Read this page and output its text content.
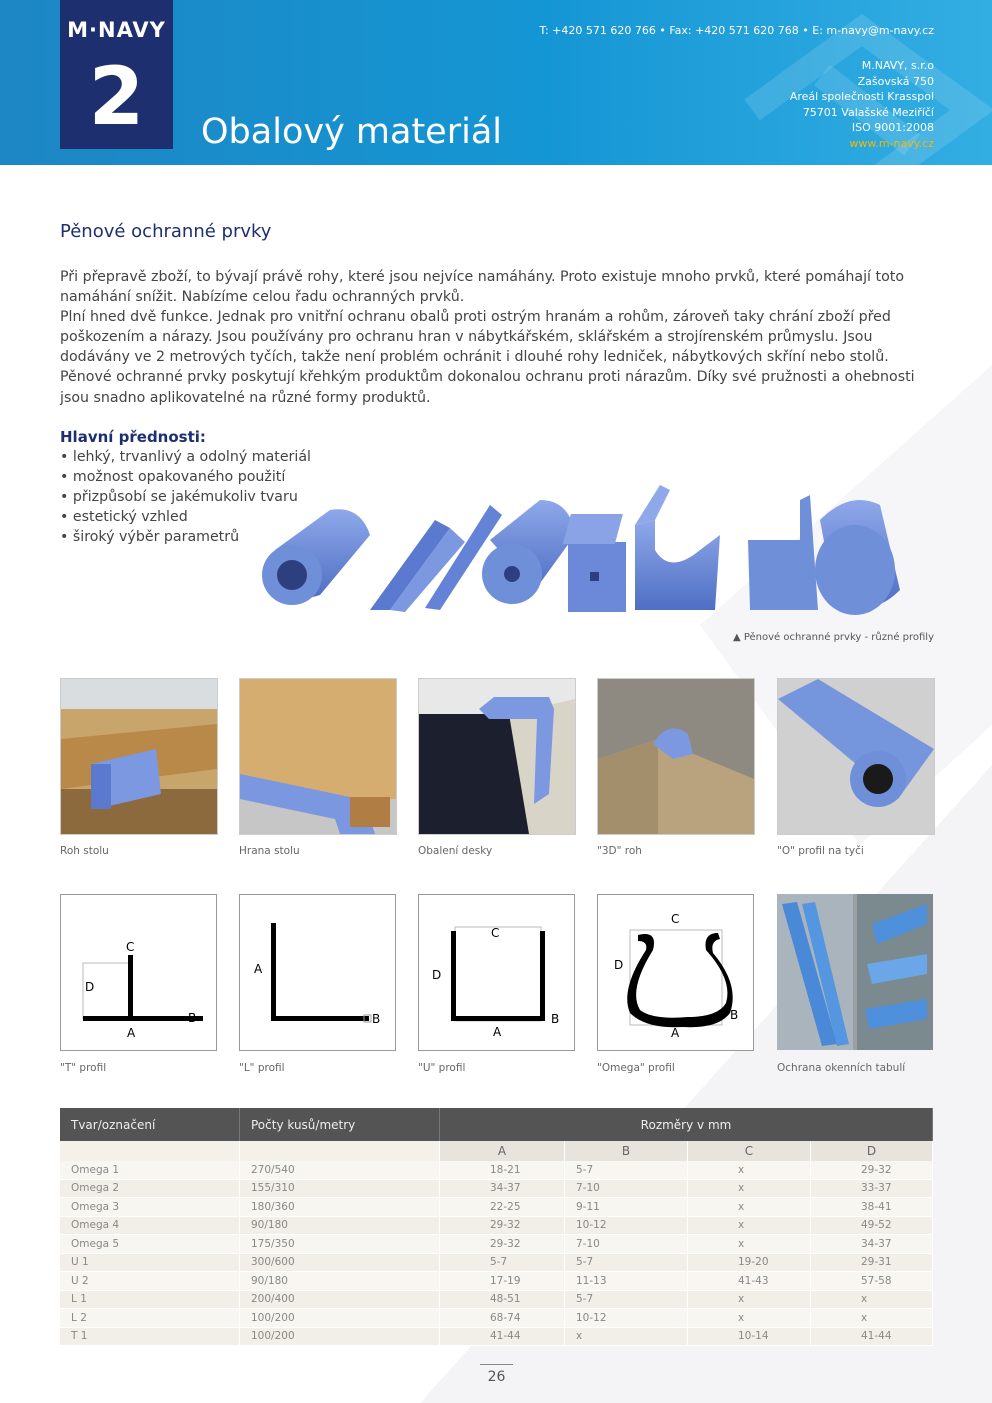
M·NAVY
2	Obalový materiál
T: +420 571 620 766 • Fax: +420 571 620 768 • E: m-navy@m-navy.cz
M.NAVY, s.r.o
Zašovská 750
Areál společnosti Krasspol
75701 Valašské Meziříčí
ISO 9001:2008
www.m-navy.cz
Pěnové ochranné prvky

Při přepravě zboží, to bývají právě rohy, které jsou nejvíce namáhány. Proto existuje mnoho prvků, které pomáhají toto namáhání snížit. Nabízíme celou řadu ochranných prvků.

Plní hned dvě funkce. Jednak pro vnitřní ochranu obalů proti ostrým hranám a rohům, zároveň taky chrání zboží před poškozením a nárazy. Jsou používány pro ochranu hran v nábytkářském, sklářském a strojírenském průmyslu. Jsou dodávány ve 2 metrových tyčích, takže není problém ochránit i dlouhé rohy ledniček, nábytkových skříní nebo stolů. Pěnové ochranné prvky poskytují křehkým produktům dokonalou ochranu proti nárazům. Díky své pružnosti a ohebnosti jsou snadno aplikovatelné na různé formy produktů.

Hlavní přednosti:
• lehký, trvanlivý a odolný materiál
• možnost opakovaného použití
• přizpůsobí se jakémukoliv tvaru
• estetický vzhled
• široký výběr parametrů
▲ Pěnové ochranné prvky - různé profily
Roh stolu	Hrana stolu	Obalení desky	"3D" roh	"O" profil na tyči
C
D
A
B
"T" profil
A
B
"L" profil
C
D
A
B
"U" profil
C
D
A
B
"Omega" profil	Ochrana okenních tabulí
Tvar/označení	Počty kusů/metry	Rozměry v mm			
		A	B	C	D
Omega 1	270/540	18-21	5-7	x	29-32
Omega 2	155/310	34-37	7-10	x	33-37
Omega 3	180/360	22-25	9-11	x	38-41
Omega 4	90/180	29-32	10-12	x	49-52
Omega 5	175/350	29-32	7-10	x	34-37
U 1	300/600	5-7	5-7	19-20	29-31
U 2	90/180	17-19	11-13	41-43	57-58
L 1	200/400	48-51	5-7	x	x
L 2	100/200	68-74	10-12	x	x
T 1	100/200	41-44	x	10-14	41-44
26
